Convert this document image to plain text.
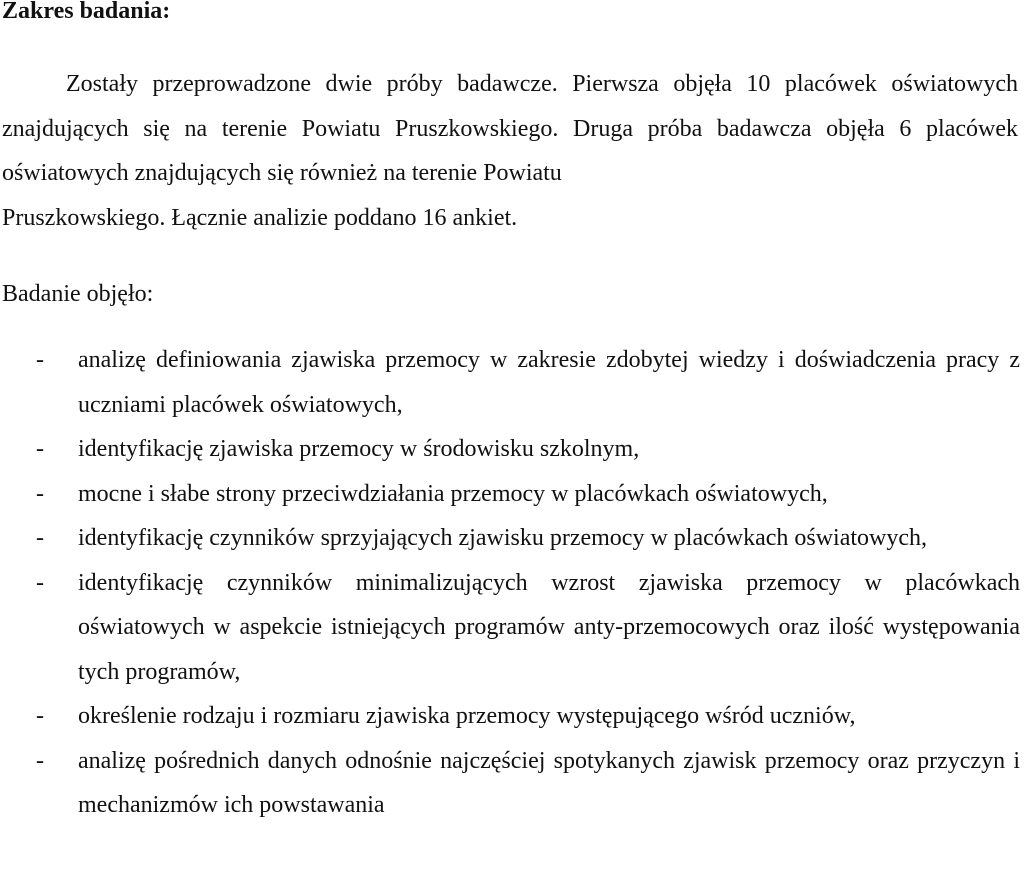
Zakres badania:

Zostały przeprowadzone dwie próby badawcze. Pierwsza objęła 10 placówek oświatowych znajdujących się na terenie Powiatu Pruszkowskiego. Druga próba badawcza objęła 6 placówek oświatowych znajdujących się również na terenie Powiatu

Pruszkowskiego. Łącznie analizie poddano 16 ankiet.
Badanie objęło:
- analizę definiowania zjawiska przemocy w zakresie zdobytej wiedzy i doświadczenia pracy z uczniami placówek oświatowych,
- identyfikację zjawiska przemocy w środowisku szkolnym,
- mocne i słabe strony przeciwdziałania przemocy w placówkach oświatowych,
- identyfikację czynników sprzyjających zjawisku przemocy w placówkach oświatowych,
- identyfikację czynników minimalizujących wzrost zjawiska przemocy w placówkach oświatowych w aspekcie istniejących programów anty-przemocowych oraz ilość występowania tych programów,
- określenie rodzaju i rozmiaru zjawiska przemocy występującego wśród uczniów,
- analizę pośrednich danych odnośnie najczęściej spotykanych zjawisk przemocy oraz przyczyn i mechanizmów ich powstawania
